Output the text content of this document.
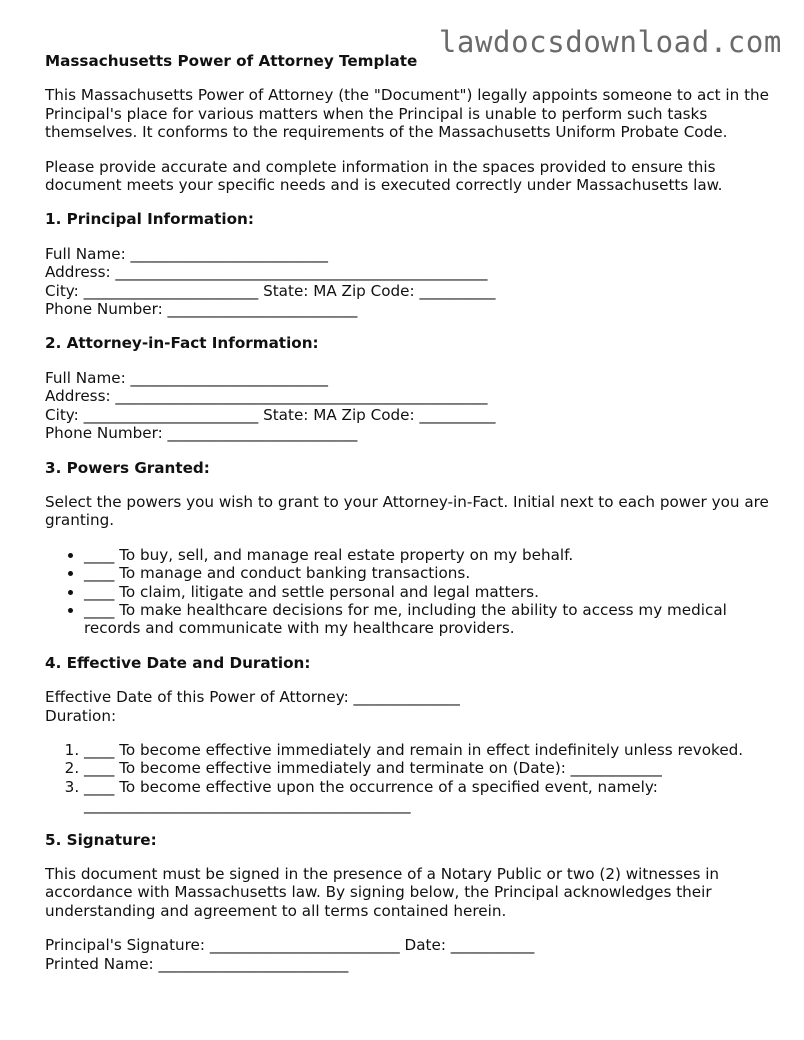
lawdocsdownload.com
Massachusetts Power of Attorney Template

This Massachusetts Power of Attorney (the "Document") legally appoints someone to act in the Principal's place for various matters when the Principal is unable to perform such tasks themselves. It conforms to the requirements of the Massachusetts Uniform Probate Code.

Please provide accurate and complete information in the spaces provided to ensure this document meets your specific needs and is executed correctly under Massachusetts law.

1. Principal Information:
Full Name: __________________________
Address: _________________________________________________
City: _______________________ State: MA Zip Code: __________
Phone Number: _________________________
2. Attorney-in-Fact Information:
Full Name: __________________________
Address: _________________________________________________
City: _______________________ State: MA Zip Code: __________
Phone Number: _________________________
3. Powers Granted:

Select the powers you wish to grant to your Attorney-in-Fact. Initial next to each power you are granting.

• ____ To buy, sell, and manage real estate property on my behalf.
• ____ To manage and conduct banking transactions.
• ____ To claim, litigate and settle personal and legal matters.
• ____ To make healthcare decisions for me, including the ability to access my medical records and communicate with my healthcare providers.
4. Effective Date and Duration:
Effective Date of this Power of Attorney: ______________
Duration:
1. ____ To become effective immediately and remain in effect indefinitely unless revoked.
2. ____ To become effective immediately and terminate on (Date): ____________
3. ____ To become effective upon the occurrence of a specified event, namely: ___________________________________________
5. Signature:

This document must be signed in the presence of a Notary Public or two (2) witnesses in accordance with Massachusetts law. By signing below, the Principal acknowledges their understanding and agreement to all terms contained herein.

Principal's Signature: _________________________ Date: ___________
Printed Name: _________________________
